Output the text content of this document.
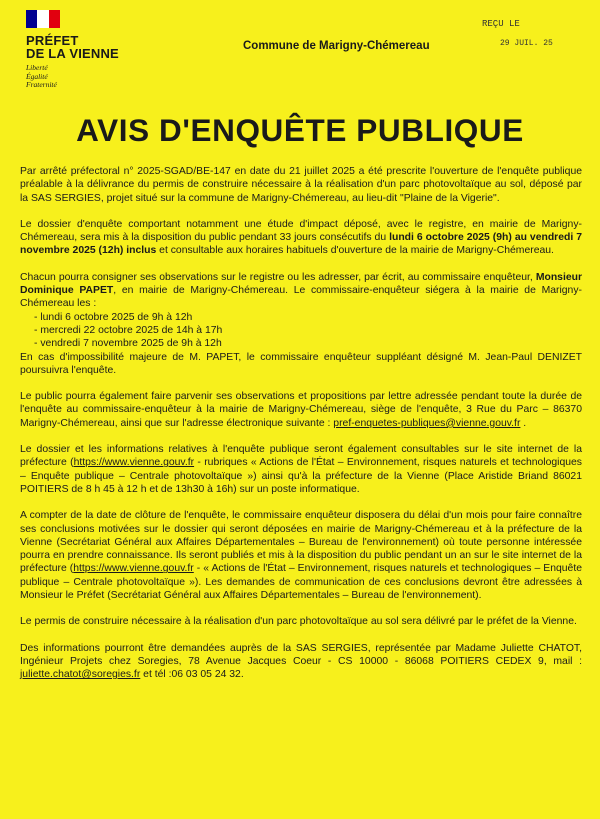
PRÉFET
DE LA VIENNE
Liberté
Égalité
Fraternité
Commune de Marigny-Chémereau
REÇU LE
29 JUIL. 25
AVIS D'ENQUÊTE PUBLIQUE

Par arrêté préfectoral n° 2025-SGAD/BE-147 en date du 21 juillet 2025 a été prescrite l'ouverture de l'enquête publique préalable à la délivrance du permis de construire nécessaire à la réalisation d'un parc photovoltaïque au sol, déposé par la SAS SERGIES, projet situé sur la commune de Marigny-Chémereau, au lieu-dit "Plaine de la Vigerie".

Le dossier d'enquête comportant notamment une étude d'impact déposé, avec le registre, en mairie de Marigny-Chémereau, sera mis à la disposition du public pendant 33 jours consécutifs du lundi 6 octobre 2025 (9h) au vendredi 7 novembre 2025 (12h) inclus et consultable aux horaires habituels d'ouverture de la mairie de Marigny-Chémereau.

Chacun pourra consigner ses observations sur le registre ou les adresser, par écrit, au commissaire enquêteur, Monsieur Dominique PAPET, en mairie de Marigny-Chémereau. Le commissaire-enquêteur siégera à la mairie de Marigny-Chémereau les :
- lundi 6 octobre 2025 de 9h à 12h
- mercredi 22 octobre 2025 de 14h à 17h
- vendredi 7 novembre 2025 de 9h à 12h
En cas d'impossibilité majeure de M. PAPET, le commissaire enquêteur suppléant désigné M. Jean-Paul DENIZET poursuivra l'enquête.

Le public pourra également faire parvenir ses observations et propositions par lettre adressée pendant toute la durée de l'enquête au commissaire-enquêteur à la mairie de Marigny-Chémereau, siège de l'enquête, 3 Rue du Parc – 86370 Marigny-Chémereau, ainsi que sur l'adresse électronique suivante : pref-enquetes-publiques@vienne.gouv.fr .

Le dossier et les informations relatives à l'enquête publique seront également consultables sur le site internet de la préfecture (https://www.vienne.gouv.fr - rubriques « Actions de l'État – Environnement, risques naturels et technologiques – Enquête publique – Centrale photovoltaïque ») ainsi qu'à la préfecture de la Vienne (Place Aristide Briand 86021 POITIERS de 8 h 45 à 12 h et de 13h30 à 16h) sur un poste informatique.

A compter de la date de clôture de l'enquête, le commissaire enquêteur disposera du délai d'un mois pour faire connaître ses conclusions motivées sur le dossier qui seront déposées en mairie de Marigny-Chémereau et à la préfecture de la Vienne (Secrétariat Général aux Affaires Départementales – Bureau de l'environnement) où toute personne intéressée pourra en prendre connaissance. Ils seront publiés et mis à la disposition du public pendant un an sur le site internet de la préfecture (https://www.vienne.gouv.fr - « Actions de l'État – Environnement, risques naturels et technologiques – Enquête publique – Centrale photovoltaïque »). Les demandes de communication de ces conclusions devront être adressées à Monsieur le Préfet (Secrétariat Général aux Affaires Départementales – Bureau de l'environnement).

Le permis de construire nécessaire à la réalisation d'un parc photovoltaïque au sol sera délivré par le préfet de la Vienne.

Des informations pourront être demandées auprès de la SAS SERGIES, représentée par Madame Juliette CHATOT, Ingénieur Projets chez Soregies, 78 Avenue Jacques Coeur - CS 10000 - 86068 POITIERS CEDEX 9, mail : juliette.chatot@soregies.fr et tél :06 03 05 24 32.
